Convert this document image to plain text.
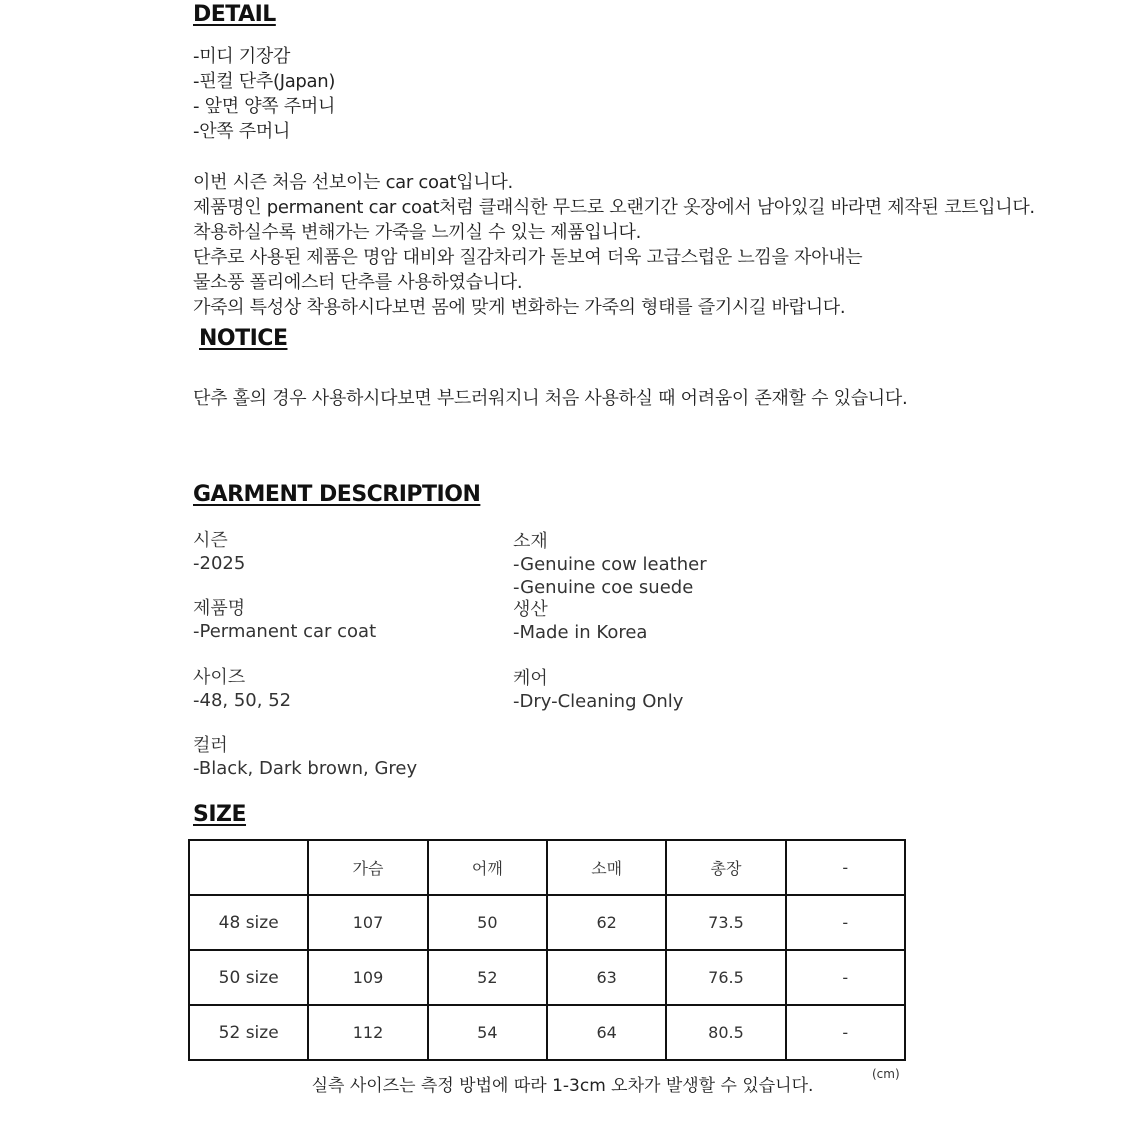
DETAIL
-미디 기장감
-핀컬 단추(Japan)
- 앞면 양쪽 주머니
-안쪽 주머니
이번 시즌 처음 선보이는 car coat입니다.
제품명인 permanent car coat처럼 클래식한 무드로 오랜기간 옷장에서 남아있길 바라면 제작된 코트입니다.
착용하실수록 변해가는 가죽을 느끼실 수 있는 제품입니다.
단추로 사용된 제품은 명암 대비와 질감차리가 돋보여 더욱 고급스럽운 느낌을 자아내는
물소풍 폴리에스터 단추를 사용하였습니다.
가죽의 특성상 착용하시다보면 몸에 맞게 변화하는 가죽의 형태를 즐기시길 바랍니다.
NOTICE
단추 홀의 경우 사용하시다보면 부드러워지니 처음 사용하실 때 어려움이 존재할 수 있습니다.
GARMENT DESCRIPTION
시즌
-2025
제품명
-Permanent car coat
사이즈
-48, 50, 52
컬러
-Black, Dark brown, Grey
소재
-Genuine cow leather
-Genuine coe suede
생산
-Made in Korea
케어
-Dry-Cleaning Only
SIZE
	가슴	어깨	소매	총장	-
48 size	107	50	62	73.5	-
50 size	109	52	63	76.5	-
52 size	112	54	64	80.5	-
실측 사이즈는 측정 방법에 따라 1-3cm 오차가 발생할 수 있습니다.
(cm)
